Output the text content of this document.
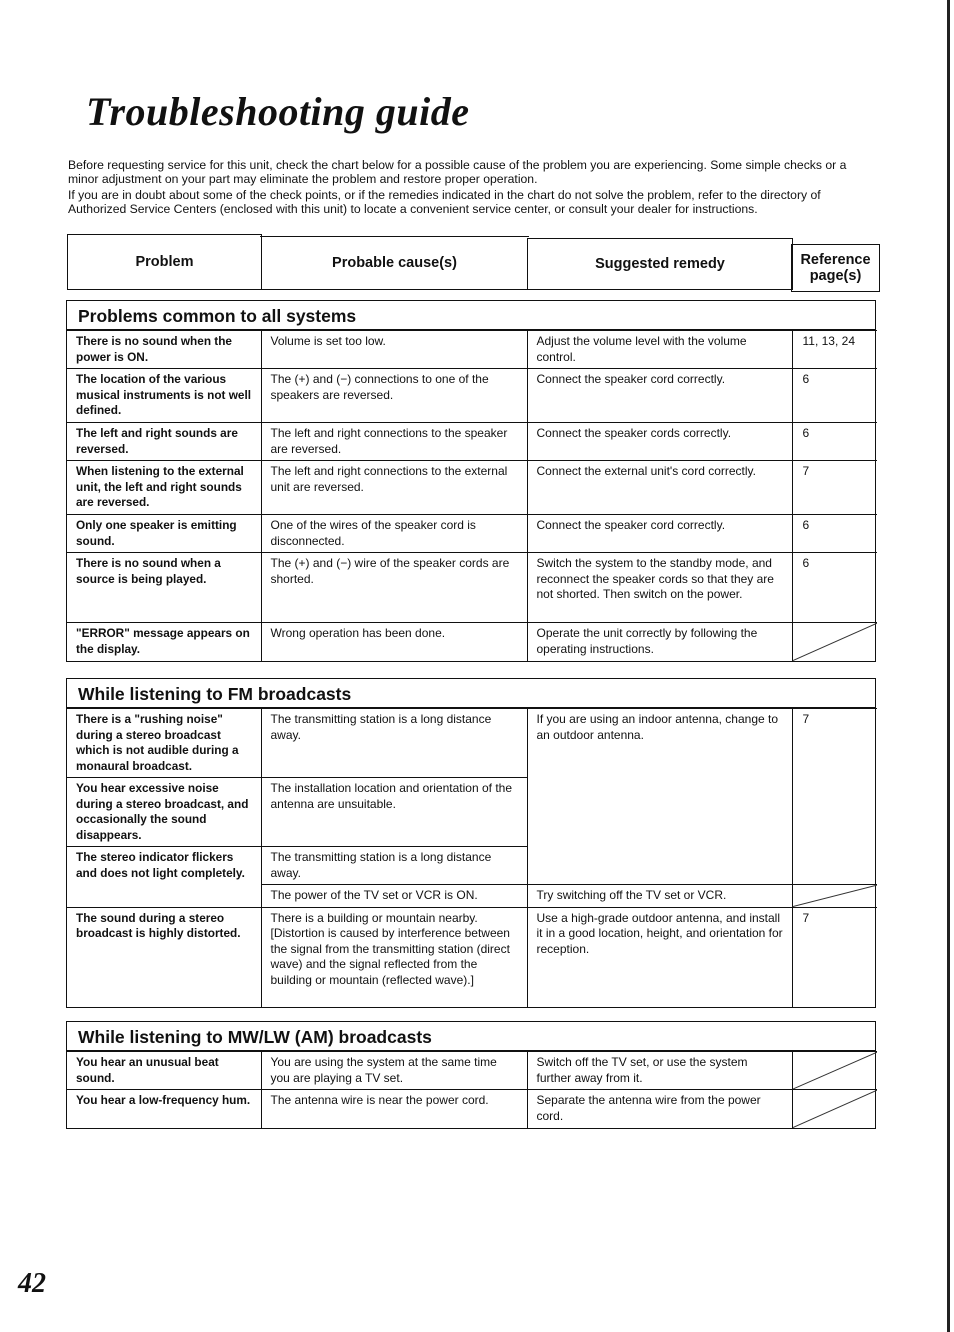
Troubleshooting guide

Before requesting service for this unit, check the chart below for a possible cause of the problem you are experiencing. Some simple checks or a minor adjustment on your part may eliminate the problem and restore proper operation.

If you are in doubt about some of the check points, or if the remedies indicated in the chart do not solve the problem, refer to the directory of Authorized Service Centers (enclosed with this unit) to locate a convenient service center, or consult your dealer for instructions.

Problem	Probable cause(s)	Suggested remedy	Reference page(s)
Problems common to all systems
There is no sound when the power is ON.	Volume is set too low.	Adjust the volume level with the volume control.	11, 13, 24
The location of the various musical instruments is not well defined.	The (+) and (−) connections to one of the speakers are reversed.	Connect the speaker cord correctly.	6
The left and right sounds are reversed.	The left and right connections to the speaker are reversed.	Connect the speaker cords correctly.	6
When listening to the external unit, the left and right sounds are reversed.	The left and right connections to the external unit are reversed.	Connect the external unit's cord correctly.	7
Only one speaker is emitting sound.	One of the wires of the speaker cord is disconnected.	Connect the speaker cord correctly.	6
There is no sound when a source is being played.	The (+) and (−) wire of the speaker cords are shorted.	Switch the system to the standby mode, and reconnect the speaker cords so that they are not shorted. Then switch on the power.	6
"ERROR" message appears on the display.	Wrong operation has been done.	Operate the unit correctly by following the operating instructions.	
While listening to FM broadcasts
There is a "rushing noise" during a stereo broadcast which is not audible during a monaural broadcast.	The transmitting station is a long distance away.	If you are using an indoor antenna, change to an outdoor antenna.	7
You hear excessive noise during a stereo broadcast, and occasionally the sound disappears.	The installation location and orientation of the antenna are unsuitable.		
The stereo indicator flickers and does not light completely.	The transmitting station is a long distance away.		
	The power of the TV set or VCR is ON.	Try switching off the TV set or VCR.	

The sound during a stereo broadcast is highly distorted.	There is a building or mountain nearby. [Distortion is caused by interference between the signal from the transmitting station (direct wave) and the signal reflected from the building or mountain (reflected wave).]	Use a high-grade outdoor antenna, and install it in a good location, height, and orientation for reception.	7
While listening to MW/LW (AM) broadcasts
You hear an unusual beat sound.	You are using the system at the same time you are playing a TV set.	Switch off the TV set, or use the system further away from it.	

You hear a low-frequency hum.	The antenna wire is near the power cord.	Separate the antenna wire from the power cord.	
42
